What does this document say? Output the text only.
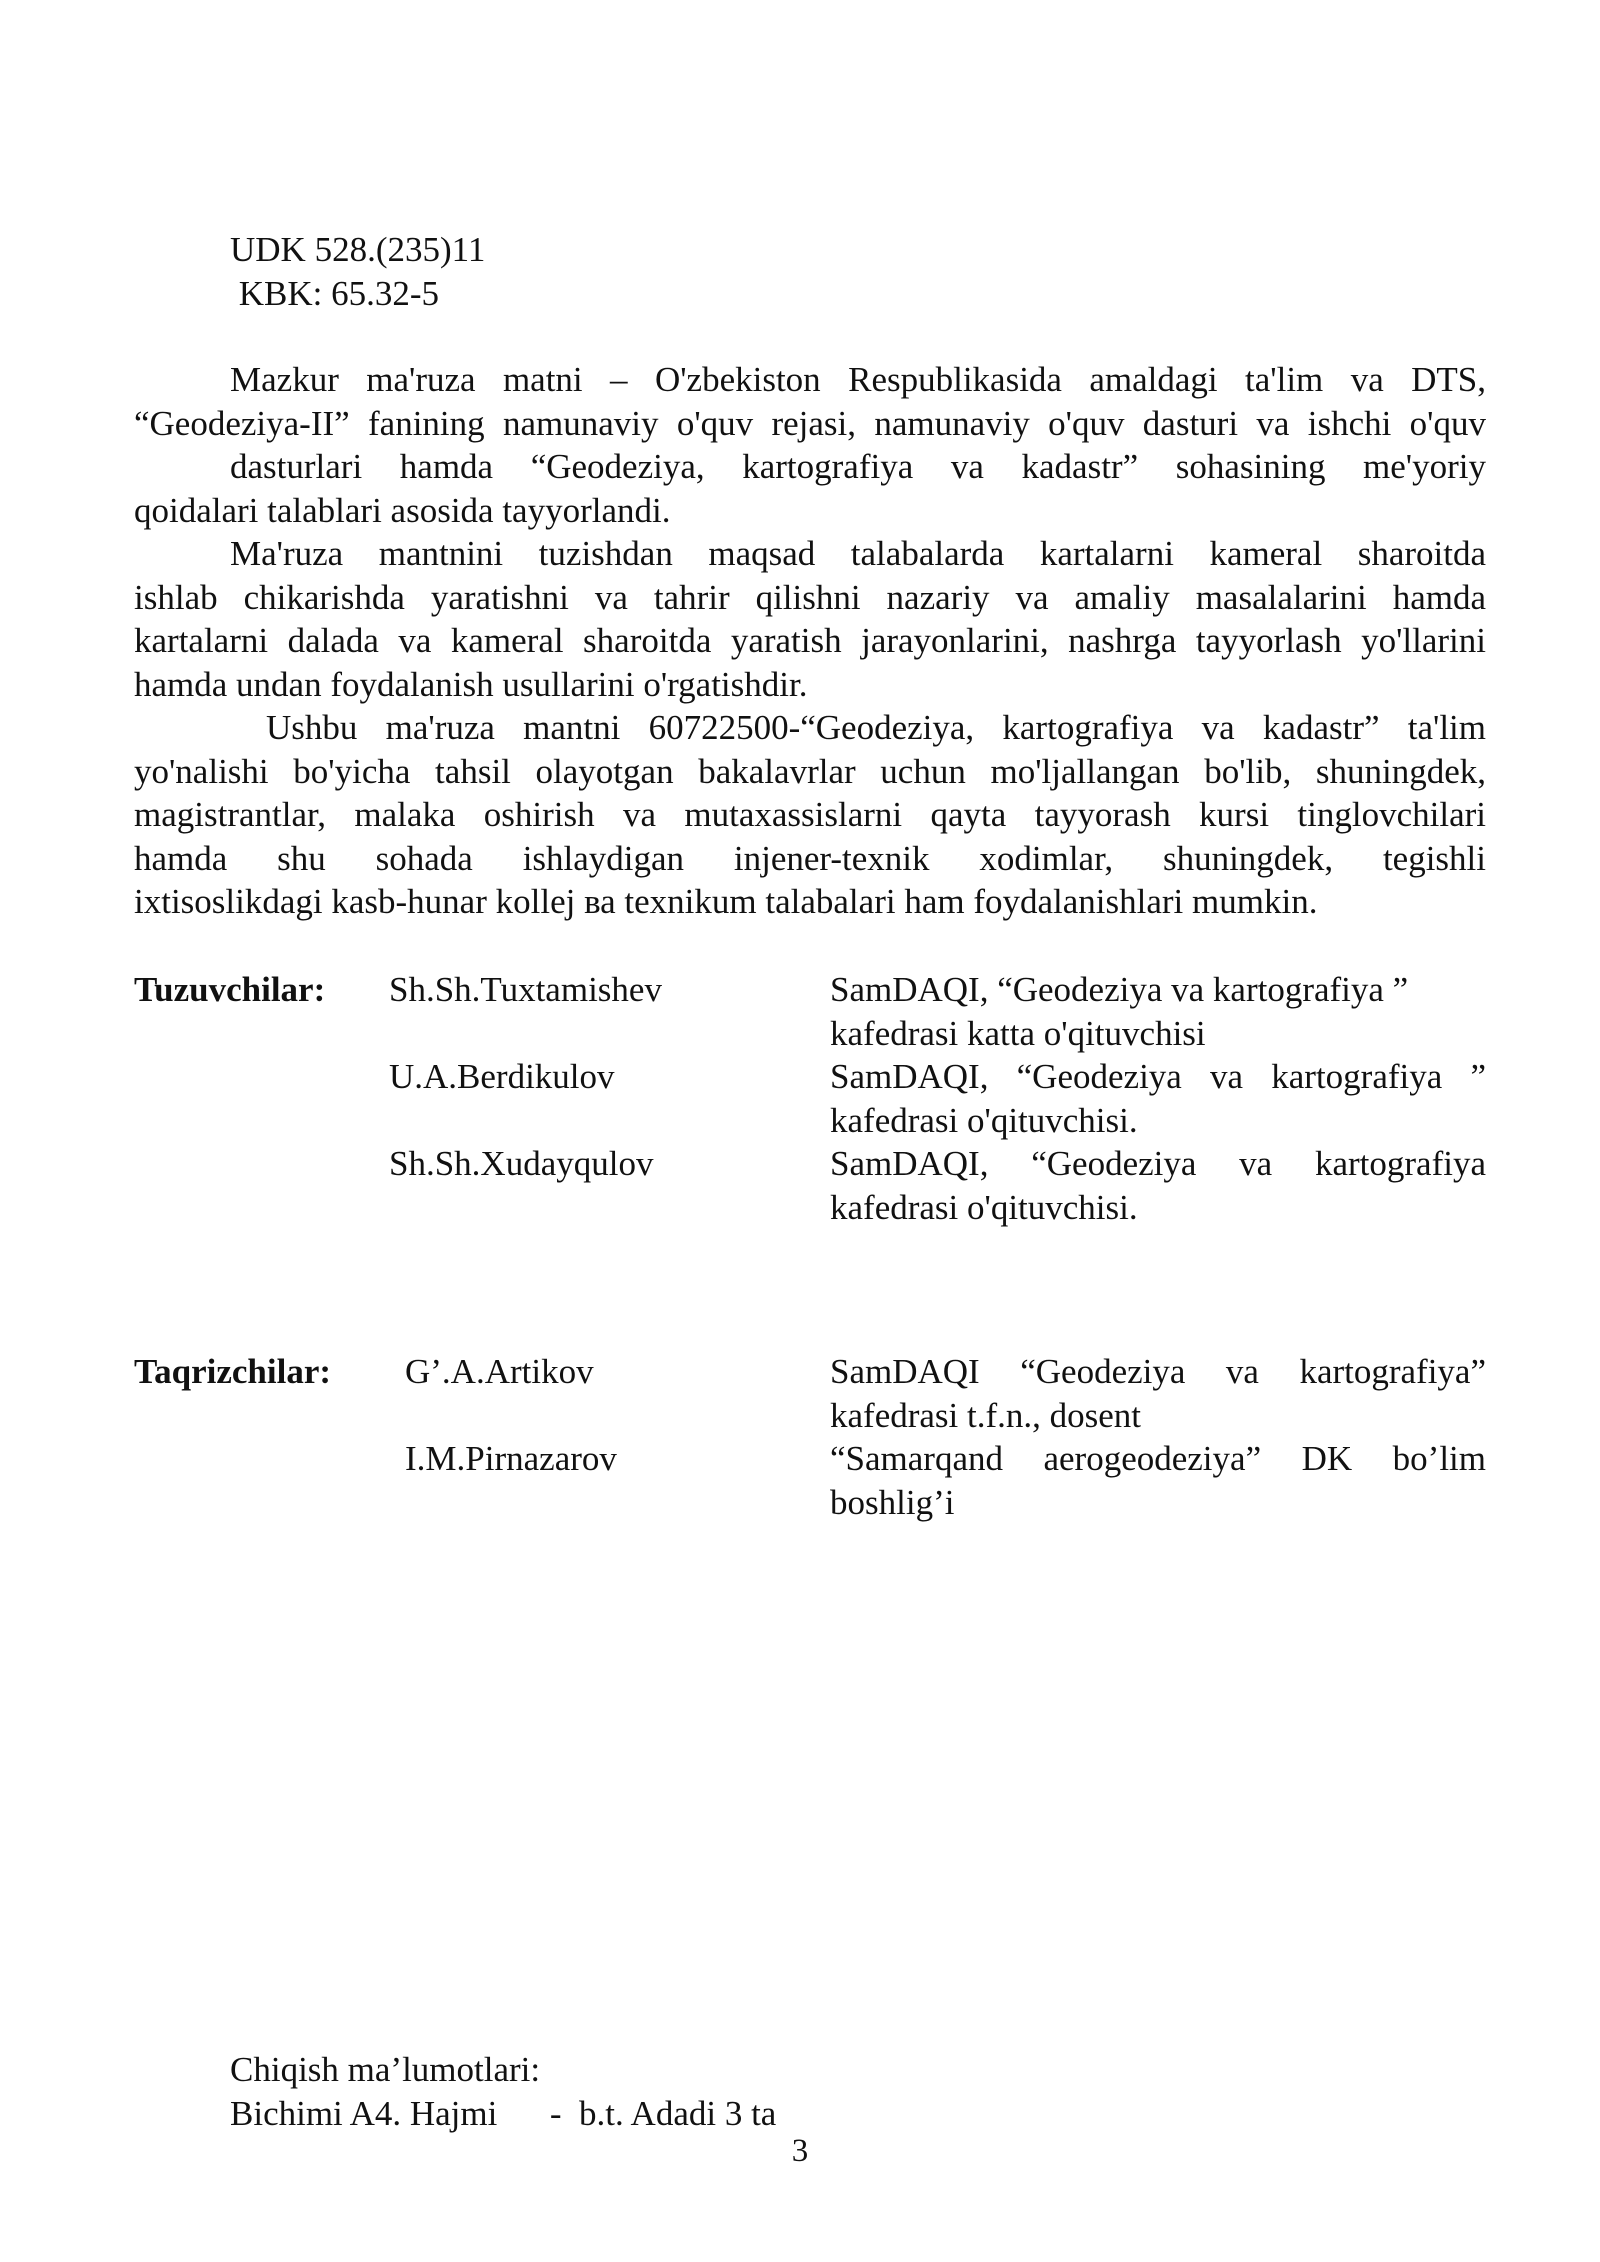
UDK 528.(235)11
KBK: 65.32-5
Mazkur ma'ruza matni – O'zbekiston Respublikasida amaldagi ta'lim va DTS,
“Geodeziya-II” fanining namunaviy o'quv rejasi, namunaviy o'quv dasturi va ishchi o'quv
dasturlari hamda “Geodeziya, kartografiya va kadastr” sohasining me'yoriy
qoidalari talablari asosida tayyorlandi.
Ma'ruza mantnini tuzishdan maqsad talabalarda kartalarni kameral sharoitda
ishlab chikarishda yaratishni va tahrir qilishni nazariy va amaliy masalalarini hamda
kartalarni dalada va kameral sharoitda yaratish jarayonlarini, nashrga tayyorlash yo'llarini
hamda undan foydalanish usullarini o'rgatishdir.
Ushbu ma'ruza mantni 60722500-“Geodeziya, kartografiya va kadastr” ta'lim
yo'nalishi bo'yicha tahsil olayotgan bakalavrlar uchun mo'ljallangan bo'lib, shuningdek,
magistrantlar, malaka oshirish va mutaxassislarni qayta tayyorash kursi tinglovchilari
hamda shu sohada ishlaydigan injener-texnik xodimlar, shuningdek, tegishli
ixtisoslikdagi kasb-hunar kollej ва texnikum talabalari ham foydalanishlari mumkin.
Tuzuvchilar: Sh.Sh.Tuxtamishev	SamDAQI, “Geodeziya va kartografiya ”
kafedrasi katta o'qituvchisi
U.A.Berdikulov	SamDAQI, “Geodeziya va kartografiya ”
kafedrasi o'qituvchisi.
Sh.Sh.Xudayqulov	SamDAQI, “Geodeziya va kartografiya
kafedrasi o'qituvchisi.
Taqrizchilar: G’.A.Artikov	SamDAQI “Geodeziya va kartografiya”
kafedrasi t.f.n., dosent
I.M.Pirnazarov	“Samarqand aerogeodeziya” DK bo’lim
boshlig’i
Chiqish ma’lumotlari:
Bichimi A4. Hajmi      -  b.t. Adadi 3 ta
3
